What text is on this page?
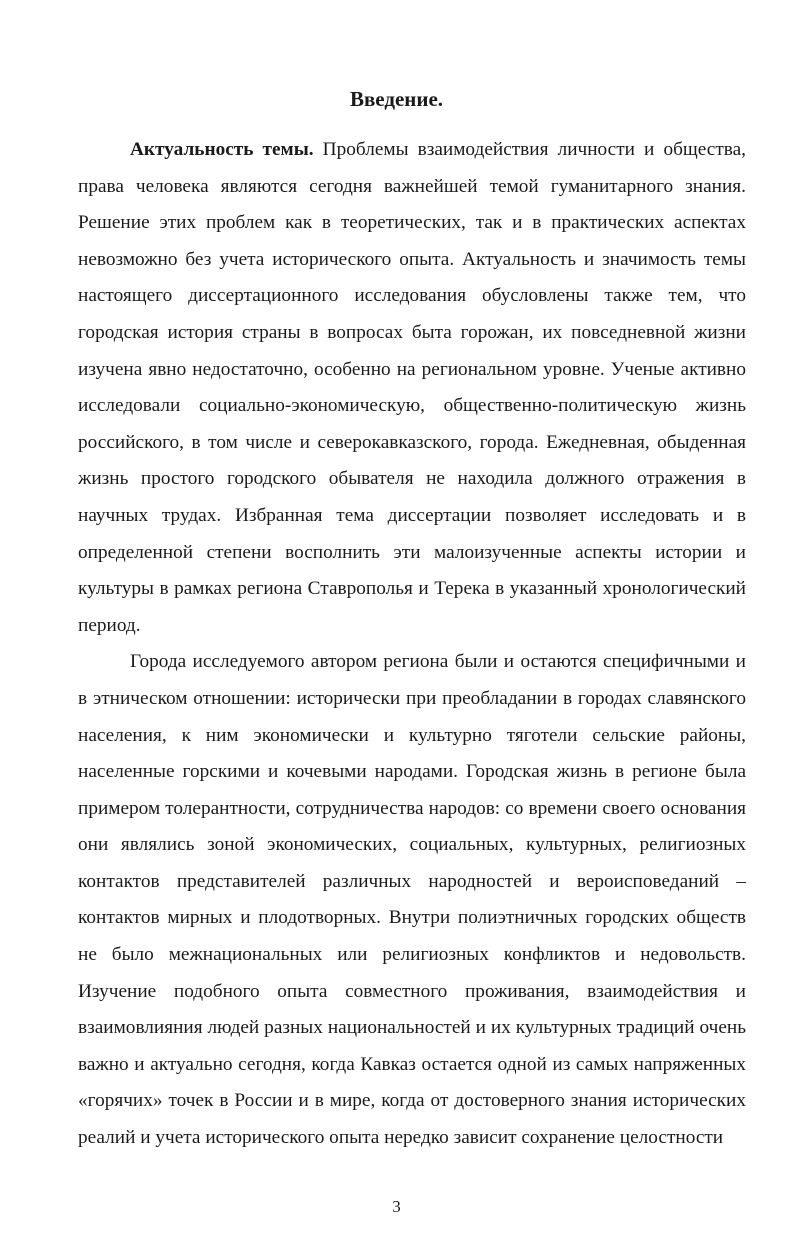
Введение.

Актуальность темы. Проблемы взаимодействия личности и общества, права человека являются сегодня важнейшей темой гуманитарного знания. Решение этих проблем как в теоретических, так и в практических аспектах невозможно без учета исторического опыта. Актуальность и значимость темы настоящего диссертационного исследования обусловлены также тем, что городская история страны в вопросах быта горожан, их повседневной жизни изучена явно недостаточно, особенно на региональном уровне. Ученые активно исследовали социально-экономическую, общественно-политическую жизнь российского, в том числе и северокавказского, города. Ежедневная, обыденная жизнь простого городского обывателя не находила должного отражения в научных трудах. Избранная тема диссертации позволяет исследовать и в определенной степени восполнить эти малоизученные аспекты истории и культуры в рамках региона Ставрополья и Терека в указанный хронологический период.

Города исследуемого автором региона были и остаются специфичными и в этническом отношении: исторически при преобладании в городах славянского населения, к ним экономически и культурно тяготели сельские районы, населенные горскими и кочевыми народами. Городская жизнь в регионе была примером толерантности, сотрудничества народов: со времени своего основания они являлись зоной экономических, социальных, культурных, религиозных контактов представителей различных народностей и вероисповеданий – контактов мирных и плодотворных. Внутри полиэтничных городских обществ не было межнациональных или религиозных конфликтов и недовольств. Изучение подобного опыта совместного проживания, взаимодействия и взаимовлияния людей разных национальностей и их культурных традиций очень важно и актуально сегодня, когда Кавказ остается одной из самых напряженных «горячих» точек в России и в мире, когда от достоверного знания исторических реалий и учета исторического опыта нередко зависит сохранение целостности

3
